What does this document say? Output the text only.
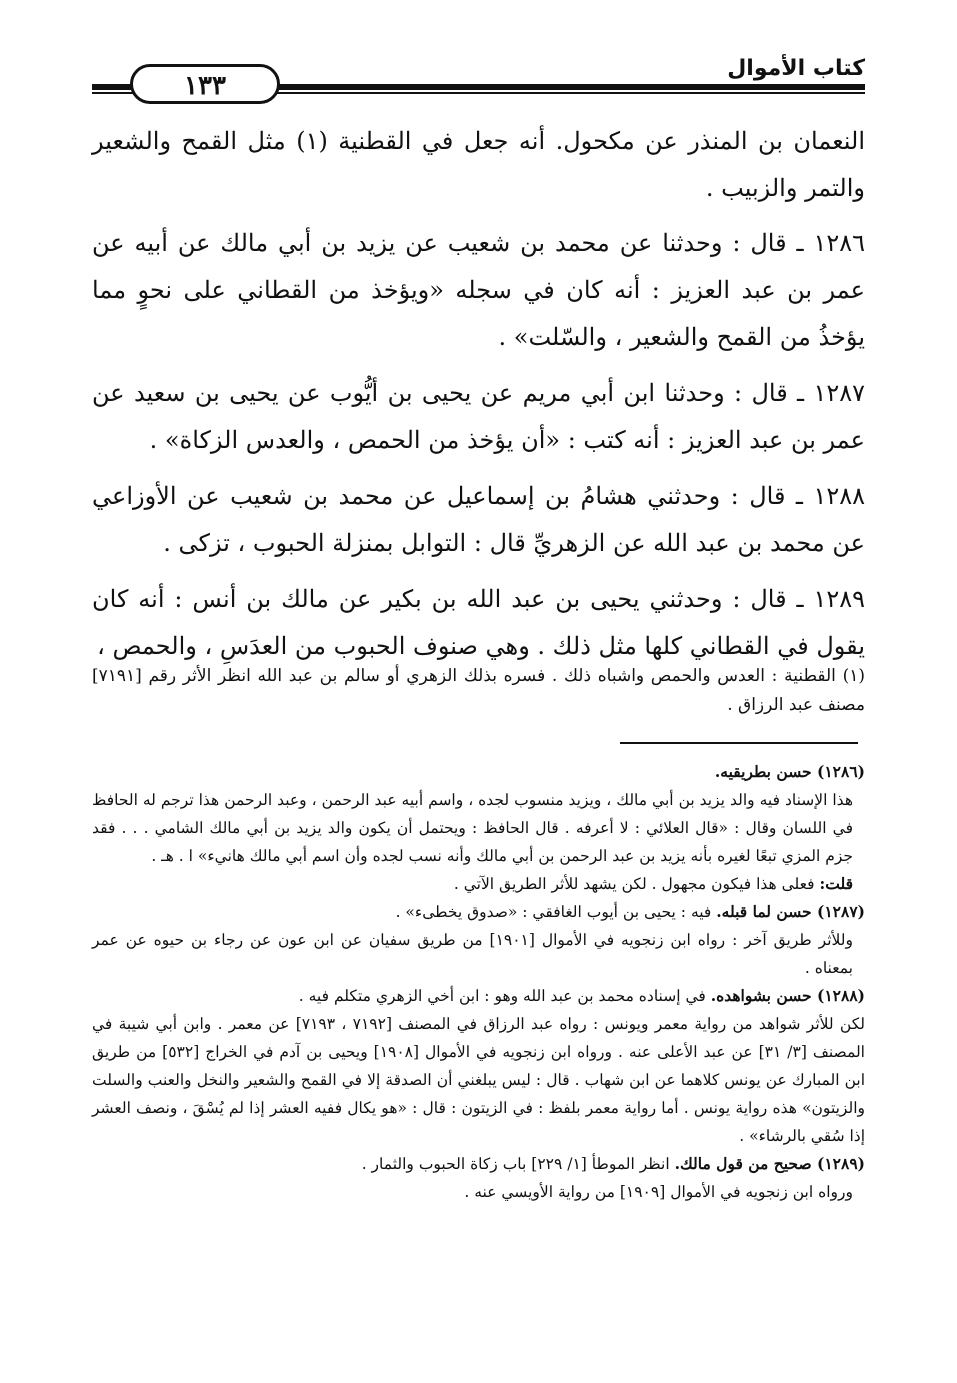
كتاب الأموال
١٣٣

النعمان بن المنذر عن مكحول. أنه جعل في القطنية (١) مثل القمح والشعير والتمر والزبيب .

١٢٨٦ ـ قال : وحدثنا عن محمد بن شعيب عن يزيد بن أبي مالك عن أبيه عن عمر بن عبد العزيز : أنه كان في سجله «ويؤخذ من القطاني على نحوٍ مما يؤخذُ من القمح والشعير ، والسّلت» .

١٢٨٧ ـ قال : وحدثنا ابن أبي مريم عن يحيى بن أيُّوب عن يحيى بن سعيد عن عمر بن عبد العزيز : أنه كتب : «أن يؤخذ من الحمص ، والعدس الزكاة» .

١٢٨٨ ـ قال : وحدثني هشامُ بن إسماعيل عن محمد بن شعيب عن الأوزاعي عن محمد بن عبد الله عن الزهريِّ قال : التوابل بمنزلة الحبوب ، تزكى .

١٢٨٩ ـ قال : وحدثني يحيى بن عبد الله بن بكير عن مالك بن أنس : أنه كان يقول في القطاني كلها مثل ذلك . وهي صنوف الحبوب من العدَسِ ، والحمص ،

(١) القطنية : العدس والحمص واشباه ذلك . فسره بذلك الزهري أو سالم بن عبد الله انظر الأثر رقم [٧١٩١] مصنف عبد الرزاق .

(١٢٨٦) حسن بطريقيه.

هذا الإسناد فيه والد يزيد بن أبي مالك ، ويزيد منسوب لجده ، واسم أبيه عبد الرحمن ، وعبد الرحمن هذا ترجم له الحافظ في اللسان وقال : «قال العلائي : لا أعرفه . قال الحافظ : ويحتمل أن يكون والد يزيد بن أبي مالك الشامي . . . فقد جزم المزي تبعًا لغيره بأنه يزيد بن عبد الرحمن بن أبي مالك وأنه نسب لجده وأن اسم أبي مالك هانيء» ا . هـ .

قلت: فعلى هذا فيكون مجهول . لكن يشهد للأثر الطريق الآتي .

(١٢٨٧) حسن لما قبله. فيه : يحيى بن أيوب الغافقي : «صدوق يخطىء» .

وللأثر طريق آخر : رواه ابن زنجويه في الأموال [١٩٠١] من طريق سفيان عن ابن عون عن رجاء بن حيوه عن عمر بمعناه .

(١٢٨٨) حسن بشواهده. في إسناده محمد بن عبد الله وهو : ابن أخي الزهري متكلم فيه .

لكن للأثر شواهد من رواية معمر ويونس : رواه عبد الرزاق في المصنف [٧١٩٢ ، ٧١٩٣] عن معمر . وابن أبي شيبة في المصنف [٣/ ٣١] عن عبد الأعلى عنه . ورواه ابن زنجويه في الأموال [١٩٠٨] ويحيى بن آدم في الخراج [٥٣٢] من طريق ابن المبارك عن يونس كلاهما عن ابن شهاب . قال : ليس يبلغني أن الصدقة إلا في القمح والشعير والنخل والعنب والسلت والزيتون» هذه رواية يونس . أما رواية معمر بلفظ : في الزيتون : قال : «هو يكال ففيه العشر إذا لم يُسْقَ ، ونصف العشر إذا سُقي بالرشاء» .

(١٢٨٩) صحيح من قول مالك. انظر الموطأ [١/ ٢٢٩] باب زكاة الحبوب والثمار .

ورواه ابن زنجويه في الأموال [١٩٠٩] من رواية الأويسي عنه .
